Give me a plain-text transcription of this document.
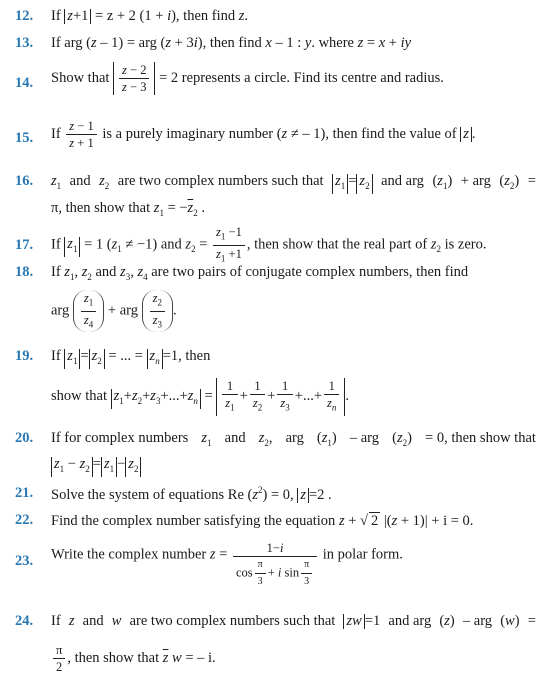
12.	If z+1 = z + 2 (1 + i), then find z.
13.	If arg (z – 1) = arg (z + 3i), then find x – 1 : y. where z = x + iy
14.	Show that $\frac{z - 2}{z - 3} = 2$ represents a circle. Find its centre and radius.
15.	If $\frac{z - 1}{z + 1}$ is a purely imaginary number (z ≠ – 1), then find the value of z .
16.	$z_1$ and $z_2$ are two complex numbers such that $z_1 = z_2$ and arg $(z_1)$ + arg $(z_2)$ =
π, then show that $z_1 = -\overline{z}_2$ .
17.	If $z_1 = 1$ $(z_1 \ne -1)$ and $z_2 = \frac{z_1 -1}{z_1 +1}$ , then show that the real part of $z_2$ is zero.
18.	If $z_1$, $z_2$ and $z_3$, $z_4$ are two pairs of conjugate complex numbers, then find
arg $\frac{z_1}{z_4}$ + arg $\frac{z_2}{z_3}$ .
19.	If $z_1 = z_2$ = ... = $z_n =1$, then
show that $z_1+z_2+z_3+...+z_n = \frac{1}{z_1} + \frac{1}{z_2} + \frac{1}{z_3}$ +...+ $\frac{1}{z_n}$ .
20.	If for complex numbers $z_1$ and $z_2$, arg $(z_1)$ – arg $(z_2) = 0$, then show that
$z_1 - z_2 = z_1 - z_2$
21.	Solve the system of equations Re $(z^2) = 0$, z =2 .
22.	Find the complex number satisfying the equation z + √ 2 |(z + 1)| + i = 0.
23.	Write the complex number $z = \frac{1-i}{\cos \frac{\pi}{3} + i \sin \frac{\pi}{3}}$ in polar form.
24.	If z and w are two complex numbers such that zw =1 and arg (z) – arg (w) =
$\frac{\pi}{2}$ , then show that $\overline{z}$ w = – i.
